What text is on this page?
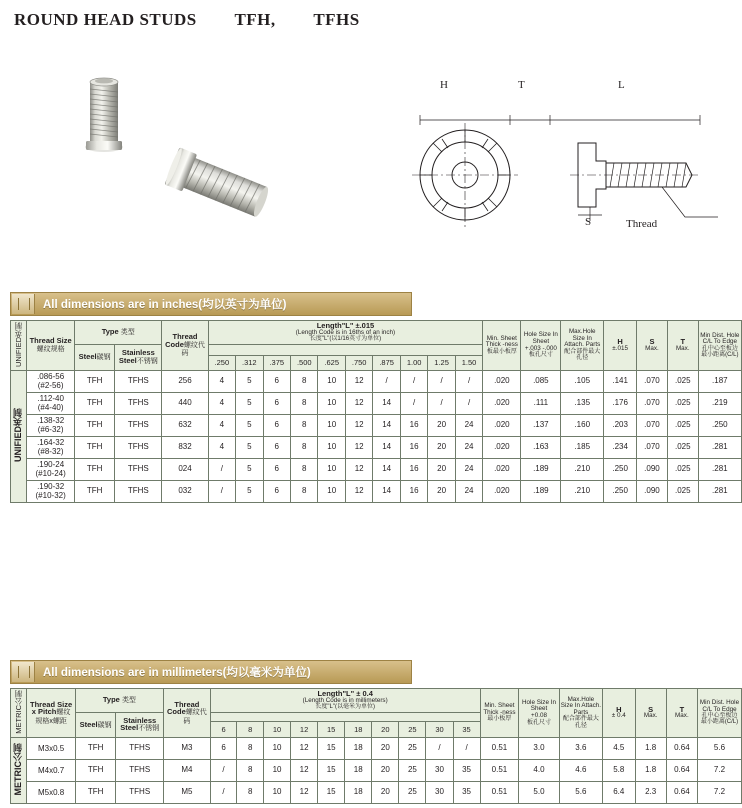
ROUND HEAD STUDS        TFH,        TFHS
H	T	L
S	Thread
All dimensions are in inches(均以英寸为单位)
UNIFIED英制	Thread Size螺纹规格	Type 类型		Thread Code螺纹代码	Length"L" ±.015
(Length Code is in 16ths of an inch)
长度"L"(以1/16英寸为单位)										Min. Sheet Thick -ness
板最小板厚	Hole Size In Sheet
+.003 -.000
板孔尺寸	Max.Hole Size In Attach. Parts
配合部件最大孔径	H
±.015	S
Max.	T
Max.	Min Dist. Hole C/L To Edge
孔中心至板边最小距离(C/L)

		Steel碳钢	Stainless Steel不锈钢																		
					.250	.312	.375	.500	.625	.750	.875	1.00	1.25	1.50							
UNIFIED英制	.086-56
(#2-56)	TFH	TFHS	256	4	5	6	8	10	12	/	/	/	/	.020	.085	.105	.141	.070	.025	.187
	.112-40
(#4-40)	TFH	TFHS	440	4	5	6	8	10	12	14	/	/	/	.020	.111	.135	.176	.070	.025	.219
	.138-32
(#6-32)	TFH	TFHS	632	4	5	6	8	10	12	14	16	20	24	.020	.137	.160	.203	.070	.025	.250
	.164-32
(#8-32)	TFH	TFHS	832	4	5	6	8	10	12	14	16	20	24	.020	.163	.185	.234	.070	.025	.281
	.190-24
(#10-24)	TFH	TFHS	024	/	5	6	8	10	12	14	16	20	24	.020	.189	.210	.250	.090	.025	.281
	.190-32
(#10-32)	TFH	TFHS	032	/	5	6	8	10	12	14	16	20	24	.020	.189	.210	.250	.090	.025	.281
All dimensions are in millimeters(均以毫米为单位)
METRIC公制	Thread Size x Pitch螺纹规格x螺距	Type 类型		Thread Code螺纹代码	Length"L" ± 0.4
(Length Code is in millimeters)
长度"L"(以毫米为单位)										Min. Sheet Thick -ness
最小板厚	Hole Size In Sheet
+0.08
板孔尺寸	Max.Hole Size In Attach. Parts
配合部件最大孔径	H
± 0.4	S
Max.	T
Max.	Min Dist. Hole C/L To Edge
孔中心至板边最小距离(C/L)

		Steel碳钢	Stainless Steel不锈钢																		
					6	8	10	12	15	18	20	25	30	35							
METRIC公制	M3x0.5	TFH	TFHS	M3	6	8	10	12	15	18	20	25	/	/	0.51	3.0	3.6	4.5	1.8	0.64	5.6
	M4x0.7	TFH	TFHS	M4	/	8	10	12	15	18	20	25	30	35	0.51	4.0	4.6	5.8	1.8	0.64	7.2
	M5x0.8	TFH	TFHS	M5	/	8	10	12	15	18	20	25	30	35	0.51	5.0	5.6	6.4	2.3	0.64	7.2
